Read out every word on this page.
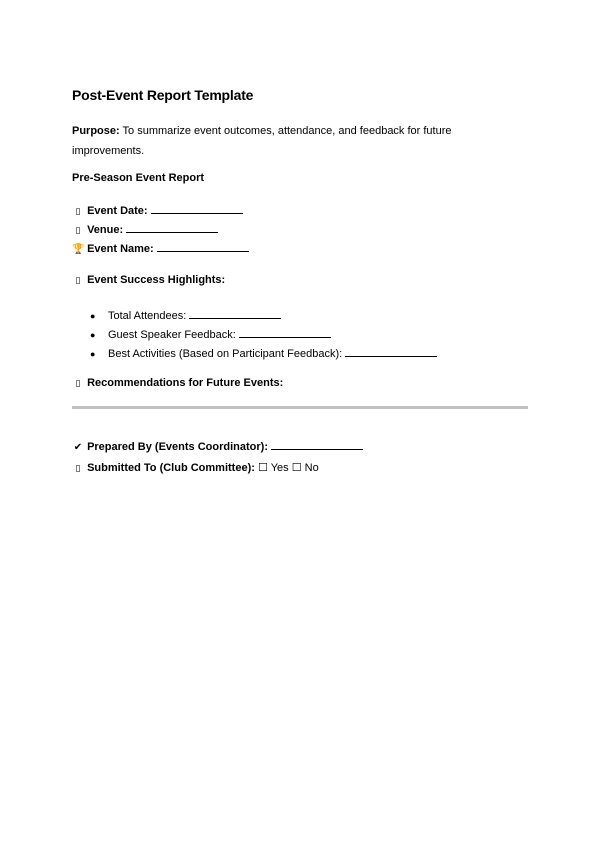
Post-Event Report Template
Purpose: To summarize event outcomes, attendance, and feedback for future improvements.
Pre-Season Event Report
▯ Event Date:
▯ Venue:
🏆 Event Name:
▯ Event Success Highlights:
● Total Attendees:
● Guest Speaker Feedback:
● Best Activities (Based on Participant Feedback):
▯ Recommendations for Future Events:
✔ Prepared By (Events Coordinator):
▯ Submitted To (Club Committee): ☐ Yes ☐ No
